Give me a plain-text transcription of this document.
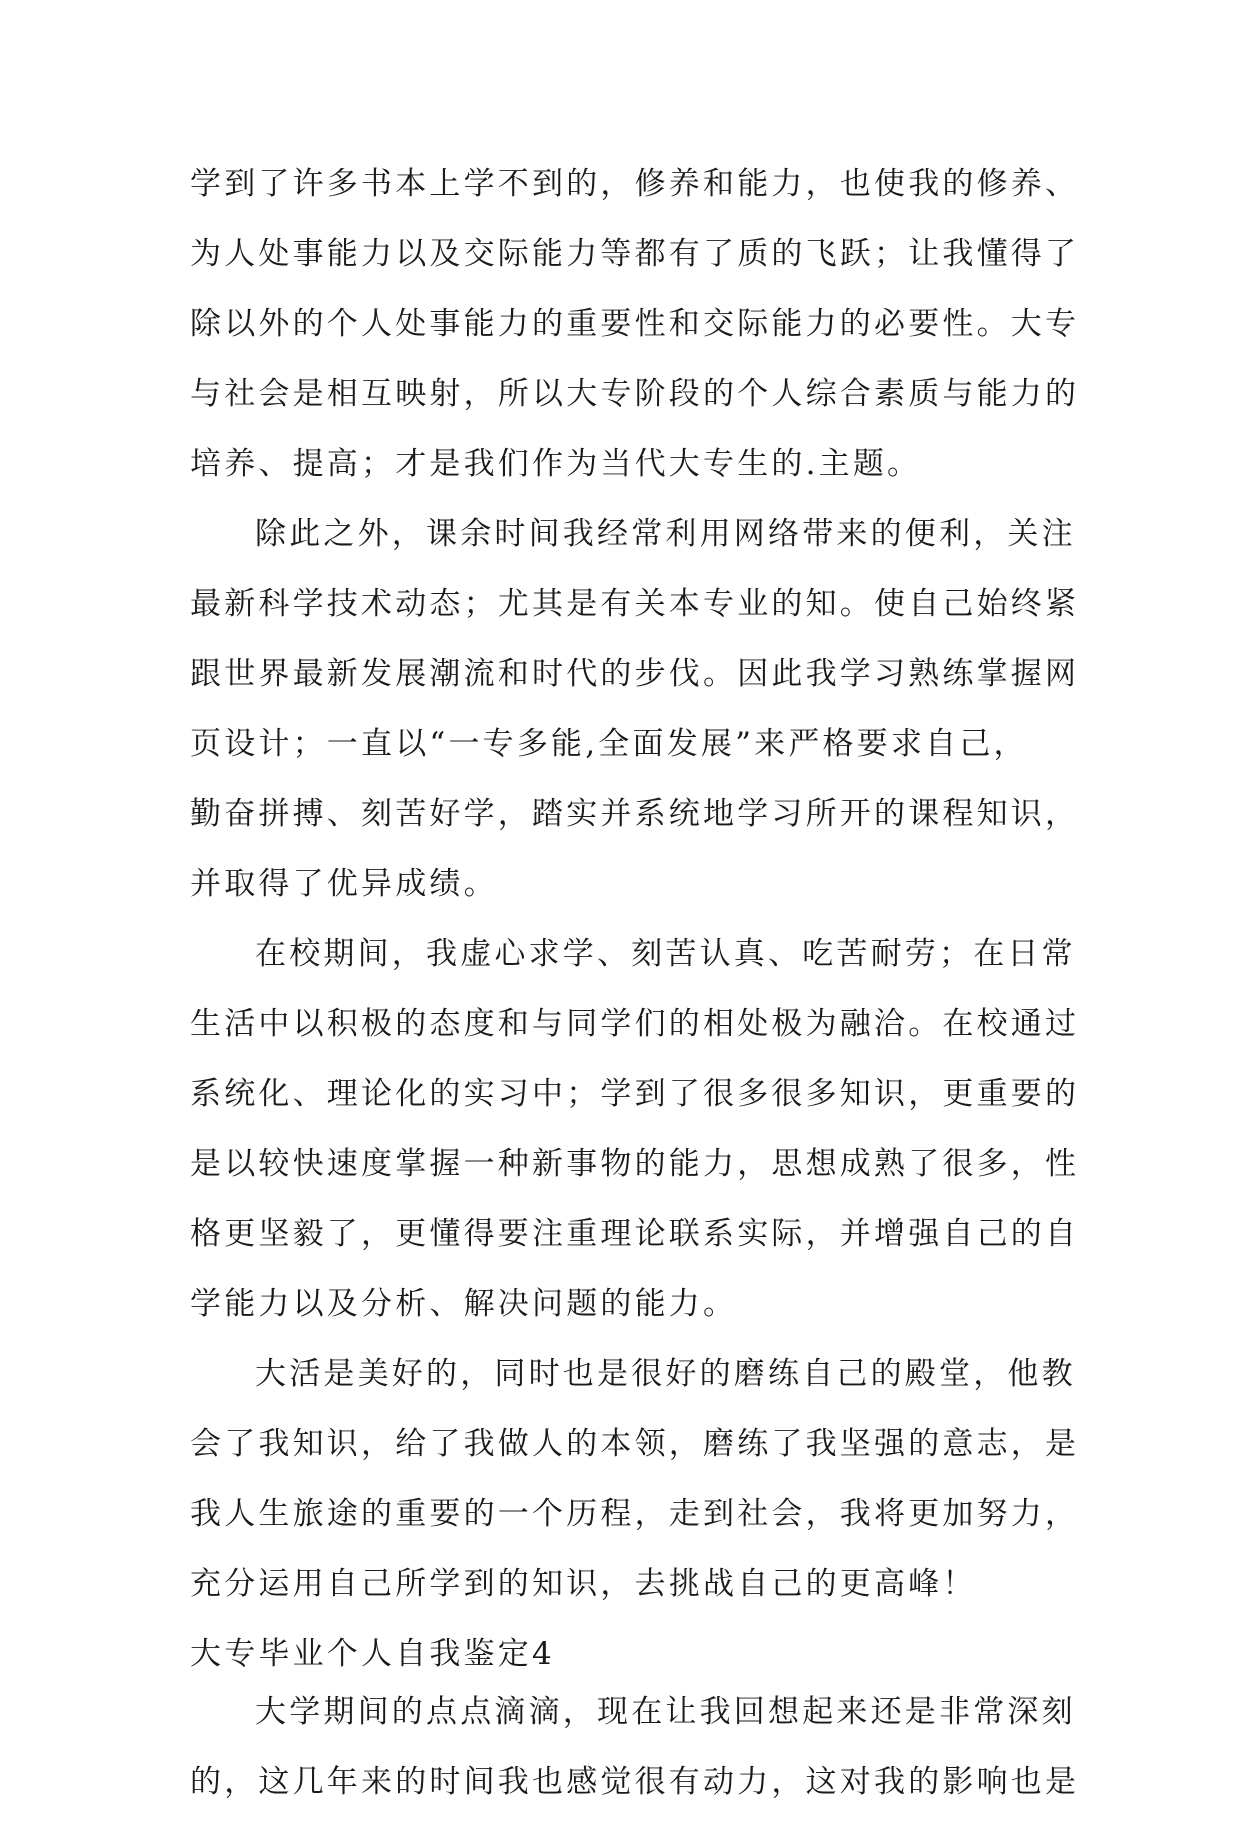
学到了许多书本上学不到的，修养和能力，也使我的修养、
为人处事能力以及交际能力等都有了质的飞跃；让我懂得了
除以外的个人处事能力的重要性和交际能力的必要性。大专
与社会是相互映射，所以大专阶段的个人综合素质与能力的
培养、提高；才是我们作为当代大专生的.主题。
除此之外，课余时间我经常利用网络带来的便利，关注
最新科学技术动态；尤其是有关本专业的知。使自己始终紧
跟世界最新发展潮流和时代的步伐。因此我学习熟练掌握网
页设计；一直以“一专多能,全面发展”来严格要求自己，
勤奋拼搏、刻苦好学，踏实并系统地学习所开的课程知识，
并取得了优异成绩。
在校期间，我虚心求学、刻苦认真、吃苦耐劳；在日常
生活中以积极的态度和与同学们的相处极为融洽。在校通过
系统化、理论化的实习中；学到了很多很多知识，更重要的
是以较快速度掌握一种新事物的能力，思想成熟了很多，性
格更坚毅了，更懂得要注重理论联系实际，并增强自己的自
学能力以及分析、解决问题的能力。
大活是美好的，同时也是很好的磨练自己的殿堂，他教
会了我知识，给了我做人的本领，磨练了我坚强的意志，是
我人生旅途的重要的一个历程，走到社会，我将更加努力，
充分运用自己所学到的知识，去挑战自己的更高峰！
大专毕业个人自我鉴定4
大学期间的点点滴滴，现在让我回想起来还是非常深刻
的，这几年来的时间我也感觉很有动力，这对我的影响也是
